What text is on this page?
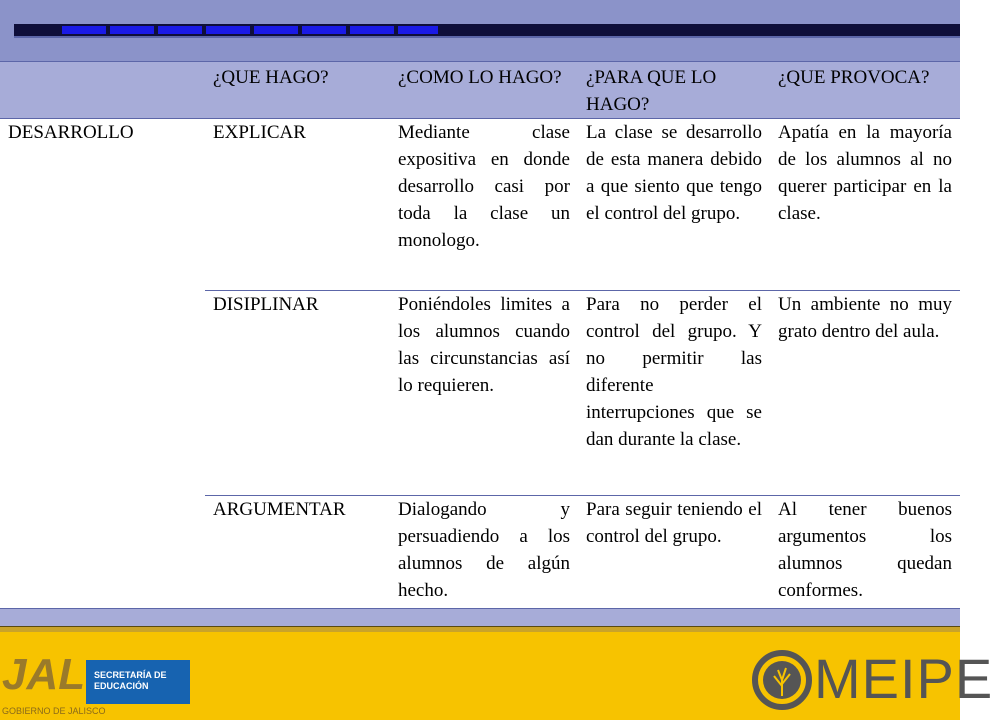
	¿QUE HAGO?	¿COMO LO HAGO?	¿PARA QUE LO HAGO?	¿QUE PROVOCA?
DESARROLLO	EXPLICAR	Mediante clase expositiva en donde desarrollo casi por toda la clase un monologo.	La clase se desarrollo de esta manera debido a que siento que tengo el control del grupo.	Apatía en la mayoría de los alumnos al no querer participar en la clase.
	DISIPLINAR	Poniéndoles limites a los alumnos cuando las circunstancias así lo requieren.	Para no perder el control del grupo. Y no permitir las diferente interrupciones que se dan durante la clase.	Un ambiente no muy grato dentro del aula.
	ARGUMENTAR	Dialogando y persuadiendo a los alumnos de algún hecho.	Para seguir teniendo el control del grupo.	Al tener buenos argumentos los alumnos quedan conformes.
JAL SECRETARÍA DE EDUCACIÓN
GOBIERNO DE JALISCO
MEIPE
